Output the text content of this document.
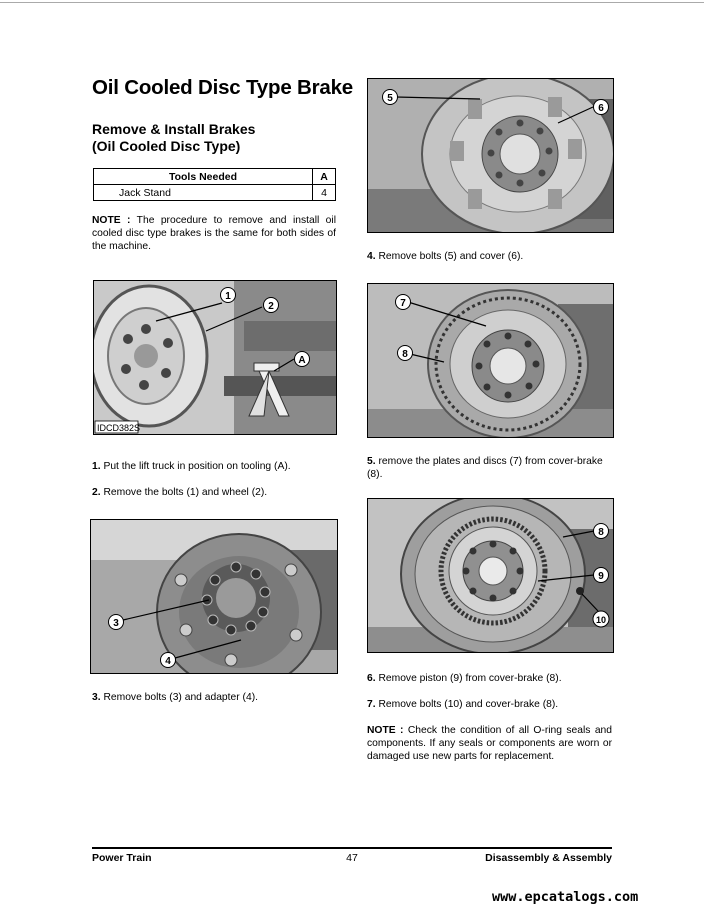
Oil Cooled Disc Type Brake
Remove & Install Brakes
(Oil Cooled Disc Type)
Tools Needed	A
Jack Stand	4
NOTE : The procedure to remove and install oil cooled disc type brakes is the same for both sides of the machine.
1
2
A
IDCD382S
1. Put the lift truck in position on tooling (A).
2. Remove the bolts (1) and wheel (2).
3
4
3. Remove bolts (3) and adapter (4).
5
6
4. Remove bolts (5) and cover (6).
7
8
5. remove the plates and discs (7) from cover-brake (8).
8
9
10
6. Remove piston (9) from cover-brake (8).
7. Remove bolts (10) and cover-brake (8).
NOTE : Check the condition of all O-ring seals and components. If any seals or components are worn or damaged use new parts for replacement.
Power Train	47	Disassembly & Assembly
www.epcatalogs.com
